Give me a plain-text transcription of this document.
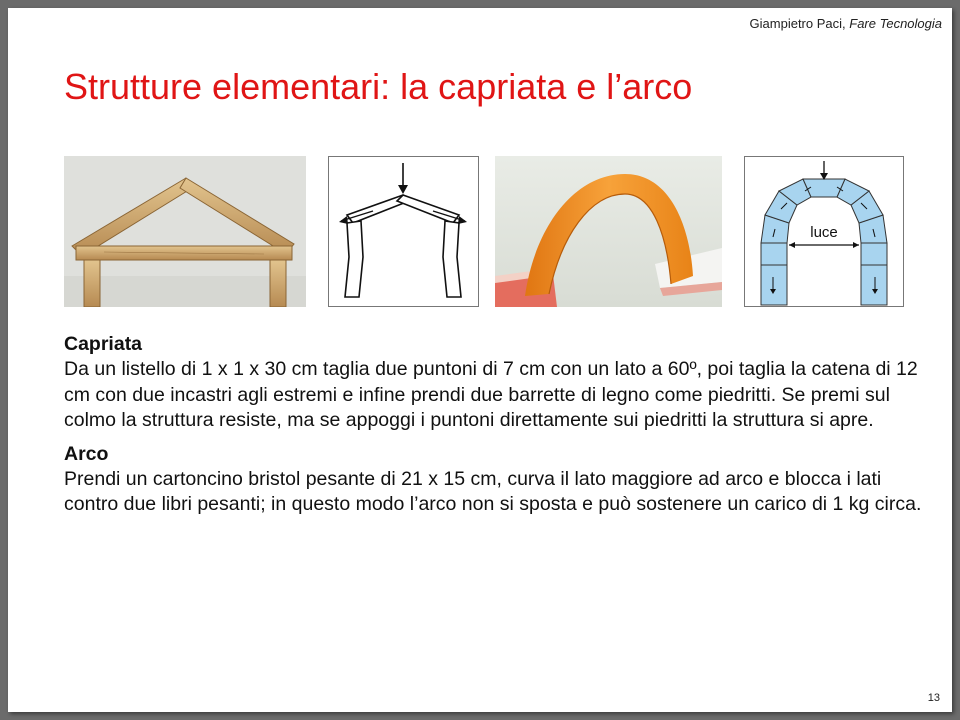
Giampietro Paci, Fare Tecnologia
Strutture elementari: la capriata e l’arco
luce
Capriata

Da un listello di 1 x 1 x 30 cm taglia due puntoni di 7 cm con un lato a 60º, poi taglia la catena di 12 cm con due incastri agli estremi e infine prendi due barrette di legno come piedritti. Se premi sul colmo la struttura resiste, ma se appoggi i puntoni direttamente sui piedritti la struttura si apre.

Arco

Prendi un cartoncino bristol pesante di 21 x 15 cm, curva il lato maggiore ad arco e blocca i lati contro due libri pesanti; in questo modo l’arco non si sposta e può sostenere un carico di 1 kg circa.

13
